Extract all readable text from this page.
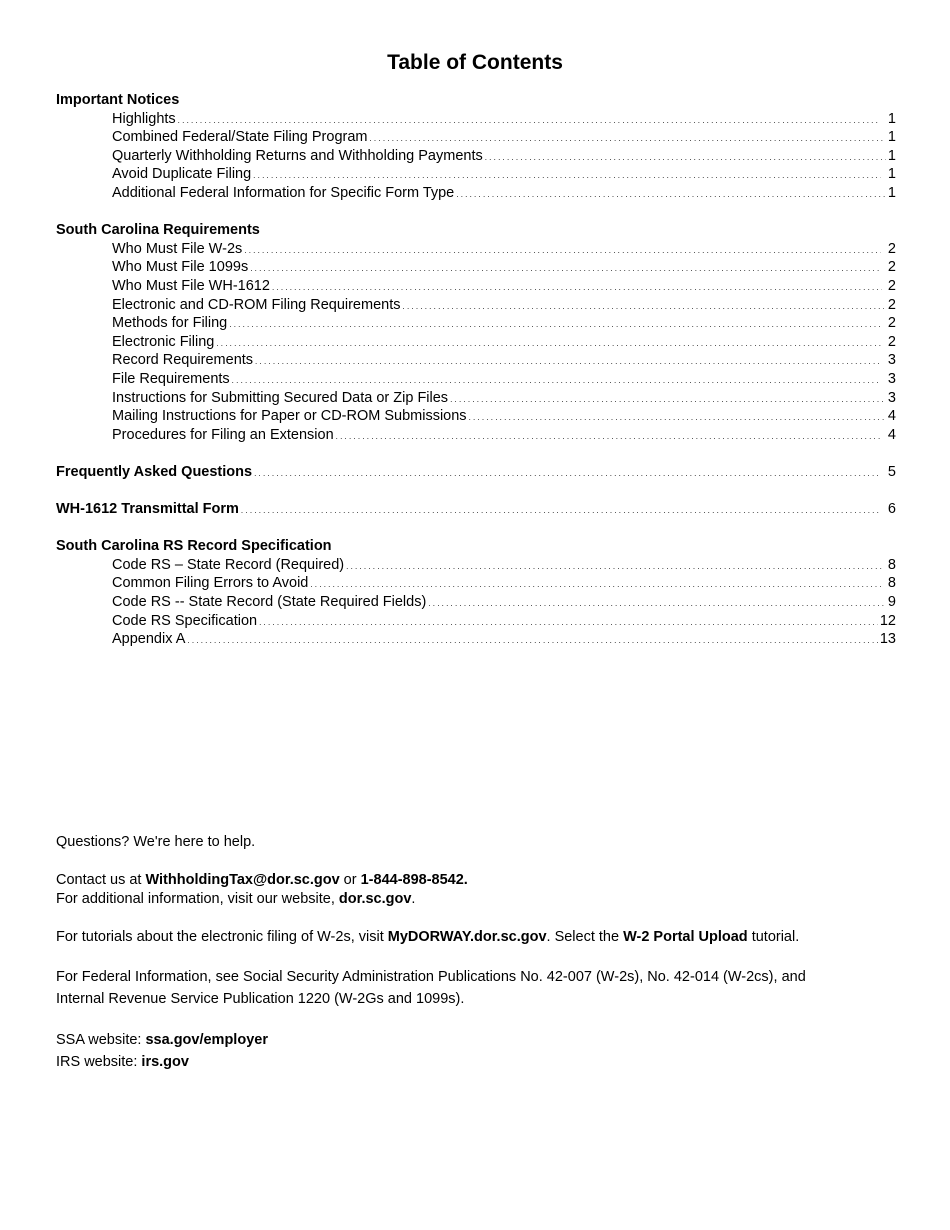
Table of Contents
Important Notices
Highlights . . .	1
Combined Federal/State Filing Program . . .	1
Quarterly Withholding Returns and Withholding Payments . . .	1
Avoid Duplicate Filing . . .	1
Additional Federal Information for Specific Form Type . . .	1
South Carolina Requirements
Who Must File W-2s . . .	2
Who Must File 1099s . . .	2
Who Must File WH-1612 . . .	2
Electronic and CD-ROM Filing Requirements . . .	2
Methods for Filing . . .	2
Electronic Filing . . .	2
Record Requirements . . .	3
File Requirements . . .	3
Instructions for Submitting Secured Data or Zip Files . . .	3
Mailing Instructions for Paper or CD-ROM Submissions . . .	4
Procedures for Filing an Extension . . .	4
Frequently Asked Questions . . .	5
WH-1612 Transmittal Form . . .	6
South Carolina RS Record Specification
Code RS – State Record (Required) . . .	8
Common Filing Errors to Avoid . . .	8
Code RS -- State Record (State Required Fields) . . .	9
Code RS Specification . . .	12
Appendix A . . .	13

Questions? We're here to help.

Contact us at WithholdingTax@dor.sc.gov or 1-844-898-8542.

For additional information, visit our website, dor.sc.gov.

For tutorials about the electronic filing of W-2s, visit MyDORWAY.dor.sc.gov. Select the W-2 Portal Upload tutorial.

For Federal Information, see Social Security Administration Publications No. 42-007 (W-2s), No. 42-014 (W-2cs), and

Internal Revenue Service Publication 1220 (W-2Gs and 1099s).

SSA website: ssa.gov/employer

IRS website: irs.gov
